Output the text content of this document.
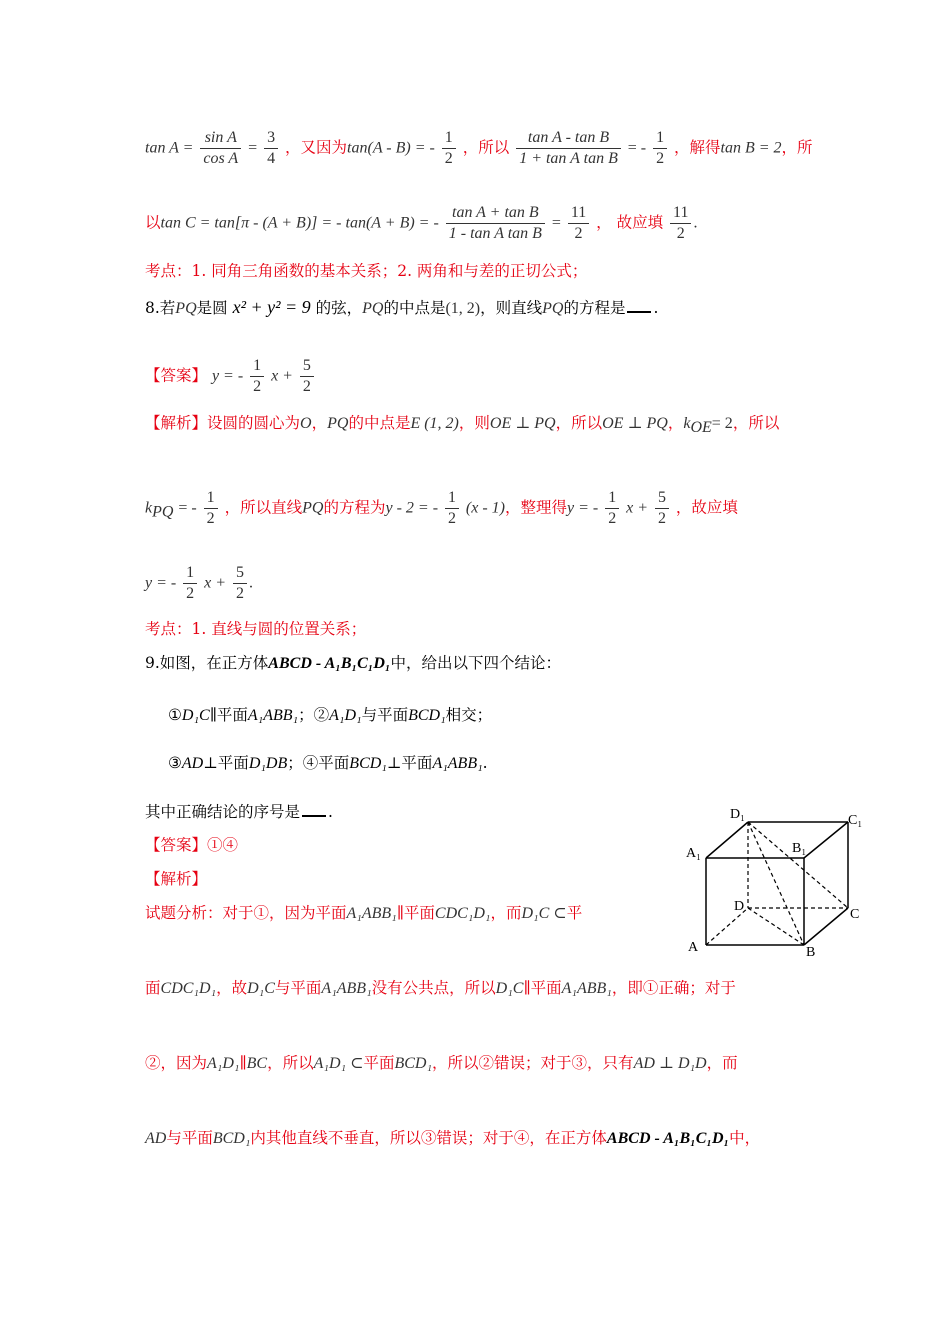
$\tan A = \frac{\text{sin A}}{\text{cos A}} = \frac{3}{4}$ ，又因为tan(A - B) = - $\frac{1}{2}$ ，所以 $\frac{\text{tan A - tan B}}{\text{1 + tan A tan B}}$ = - $\frac{1}{2}$ ，解得tan B = 2，所
以tan C = tan[π - (A + B)] = - tan(A + B) = - $\frac{\text{tan A + tan B}}{\text{1 - tan A tan B}} = \frac{11}{2}$ ， 故应填 $\frac{11}{2}$ .
考点：1. 同角三角函数的基本关系；2. 两角和与差的正切公式；
8.若PQ是圆 x² + y² = 9 的弦，PQ的中点是(1, 2)，则直线PQ的方程是 .
【答案】 y = - $\frac{1}{2}$ $x + \frac{5}{2}$
【解析】设圆的圆心为O，PQ的中点是E (1, 2)，则OE ⊥ PQ，所以OE ⊥ PQ，$k_{OE}= 2$，所以
$k_{PQ}$ = - $\frac{1}{2}$ ，所以直线PQ的方程为y - 2 = - $\frac{1}{2} (x - 1)$，整理得y = - $\frac{1}{2}$ $x + \frac{5}{2}$ ，故应填
y = - $\frac{1}{2}$ $x + \frac{5}{2}$ .
考点：1. 直线与圆的位置关系；
9.如图，在正方体ABCD - A₁B₁C₁D₁中，给出以下四个结论：
①D₁C∥平面A₁ABB₁；②A₁D₁与平面BCD₁相交；
③AD⊥平面D₁DB；④平面BCD₁⊥平面A₁ABB₁.
其中正确结论的序号是 .
【答案】①④
【解析】
试题分析：对于①，因为平面A₁ABB₁∥平面CDC₁D₁，而D₁C ⊂平
面CDC₁D₁，故D₁C与平面A₁ABB₁没有公共点，所以D₁C∥平面A₁ABB₁，即①正确；对于
②，因为A₁D₁∥BC，所以A₁D₁ ⊂平面BCD₁，所以②错误；对于③，只有AD ⊥ D₁D，而
AD与平面BCD₁内其他直线不垂直，所以③错误；对于④，在正方体ABCD - A₁B₁C₁D₁中，
A	B
C
D
A₁	B₁
C₁
D₁
